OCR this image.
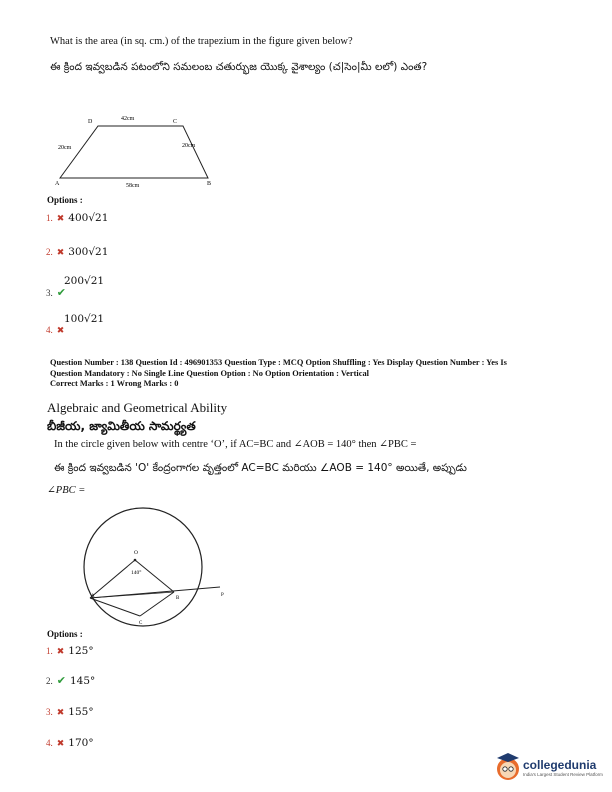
What is the area (in sq. cm.) of the trapezium in the figure given below?
ఈ క్రింద ఇవ్వబడిన పటంలోని సమలంబ చతుర్భుజ యొక్క వైశాల్యం (చ|సెం|మీ లలో) ఎంత?
A	B
C
D	42cm
58cm
20cm	20cm
Options :
1. ✖ 400√21
2. ✖ 300√21
200√21
3. ✔
100√21
4. ✖
Question Number : 138 Question Id : 496901353 Question Type : MCQ Option Shuffling : Yes Display Question Number : Yes Is
Question Mandatory : No Single Line Question Option : No Option Orientation : Vertical
Correct Marks : 1 Wrong Marks : 0
Algebraic and Geometrical Ability
బీజీయ, జ్యామితీయ సామర్థ్యత
In the circle given below with centre ‘O’, if AC=BC and ∠AOB = 140° then ∠PBC =
ఈ క్రింద ఇవ్వబడిన 'O' కేంద్రంగాగల వృత్తంలో AC=BC మరియు ∠AOB = 140° అయితే, అప్పుడు
∠PBC =
O
140°
A	B
C
P
Options :
1. ✖ 125°
2. ✔ 145°
3. ✖ 155°
4. ✖ 170°
collegedunia
India's Largest Student Review Platform
